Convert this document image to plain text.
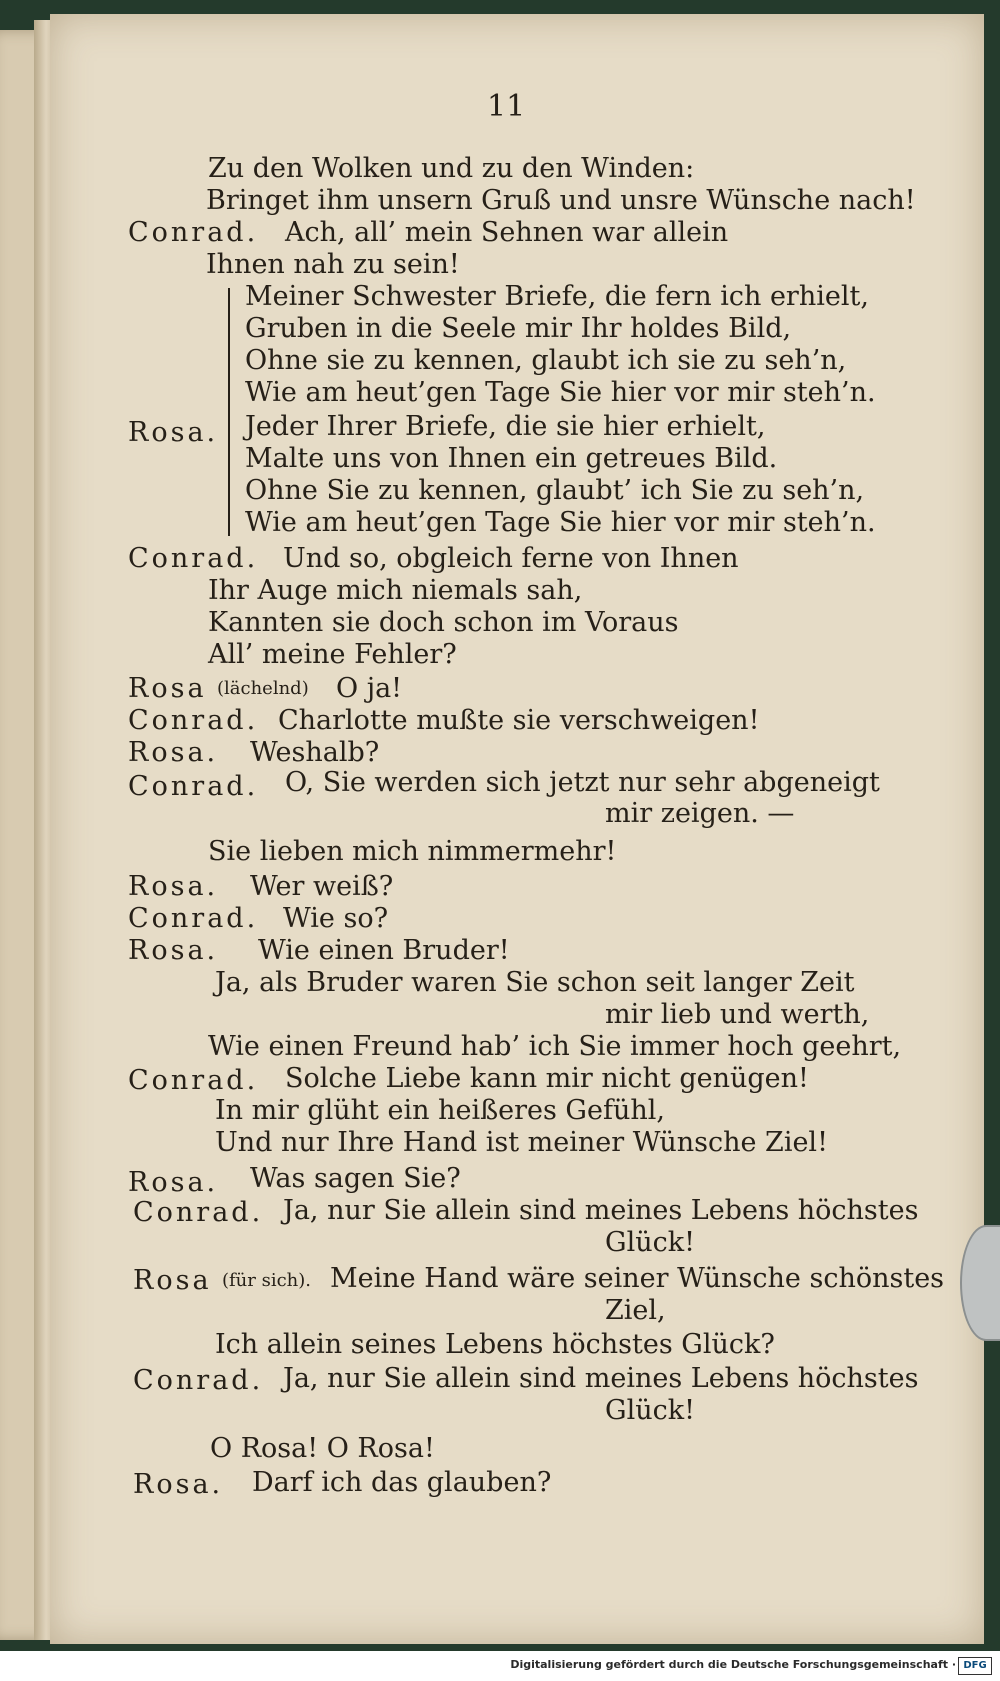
11
Zu den Wolken und zu den Winden:
Bringet ihm unsern Gruß und unsre Wünsche nach!
Conrad. Ach, all’ mein Sehnen war allein
Ihnen nah zu sein!
Meiner Schwester Briefe, die fern ich erhielt,
Gruben in die Seele mir Ihr holdes Bild,
Ohne sie zu kennen, glaubt ich sie zu seh’n,
Wie am heut’gen Tage Sie hier vor mir steh’n.
Rosa. Jeder Ihrer Briefe, die sie hier erhielt,
Malte uns von Ihnen ein getreues Bild.
Ohne Sie zu kennen, glaubt’ ich Sie zu seh’n,
Wie am heut’gen Tage Sie hier vor mir steh’n.
Conrad. Und so, obgleich ferne von Ihnen
Ihr Auge mich niemals sah,
Kannten sie doch schon im Voraus
All’ meine Fehler?
Rosa (lächelnd) O ja!
Conrad. Charlotte mußte sie verschweigen!
Rosa. Weshalb?
Conrad. O, Sie werden sich jetzt nur sehr abgeneigt
mir zeigen. —
Sie lieben mich nimmermehr!
Rosa. Wer weiß?
Conrad. Wie so?
Rosa. Wie einen Bruder!
Ja, als Bruder waren Sie schon seit langer Zeit
mir lieb und werth,
Wie einen Freund hab’ ich Sie immer hoch geehrt,
Conrad. Solche Liebe kann mir nicht genügen!
In mir glüht ein heißeres Gefühl,
Und nur Ihre Hand ist meiner Wünsche Ziel!
Rosa. Was sagen Sie?
Conrad. Ja, nur Sie allein sind meines Lebens höchstes
Glück!
Rosa (für sich). Meine Hand wäre seiner Wünsche schönstes
Ziel,
Ich allein seines Lebens höchstes Glück?
Conrad. Ja, nur Sie allein sind meines Lebens höchstes
Glück!
O Rosa! O Rosa!
Rosa. Darf ich das glauben?
Digitalisierung gefördert durch die Deutsche Forschungsgemeinschaft · DFG
